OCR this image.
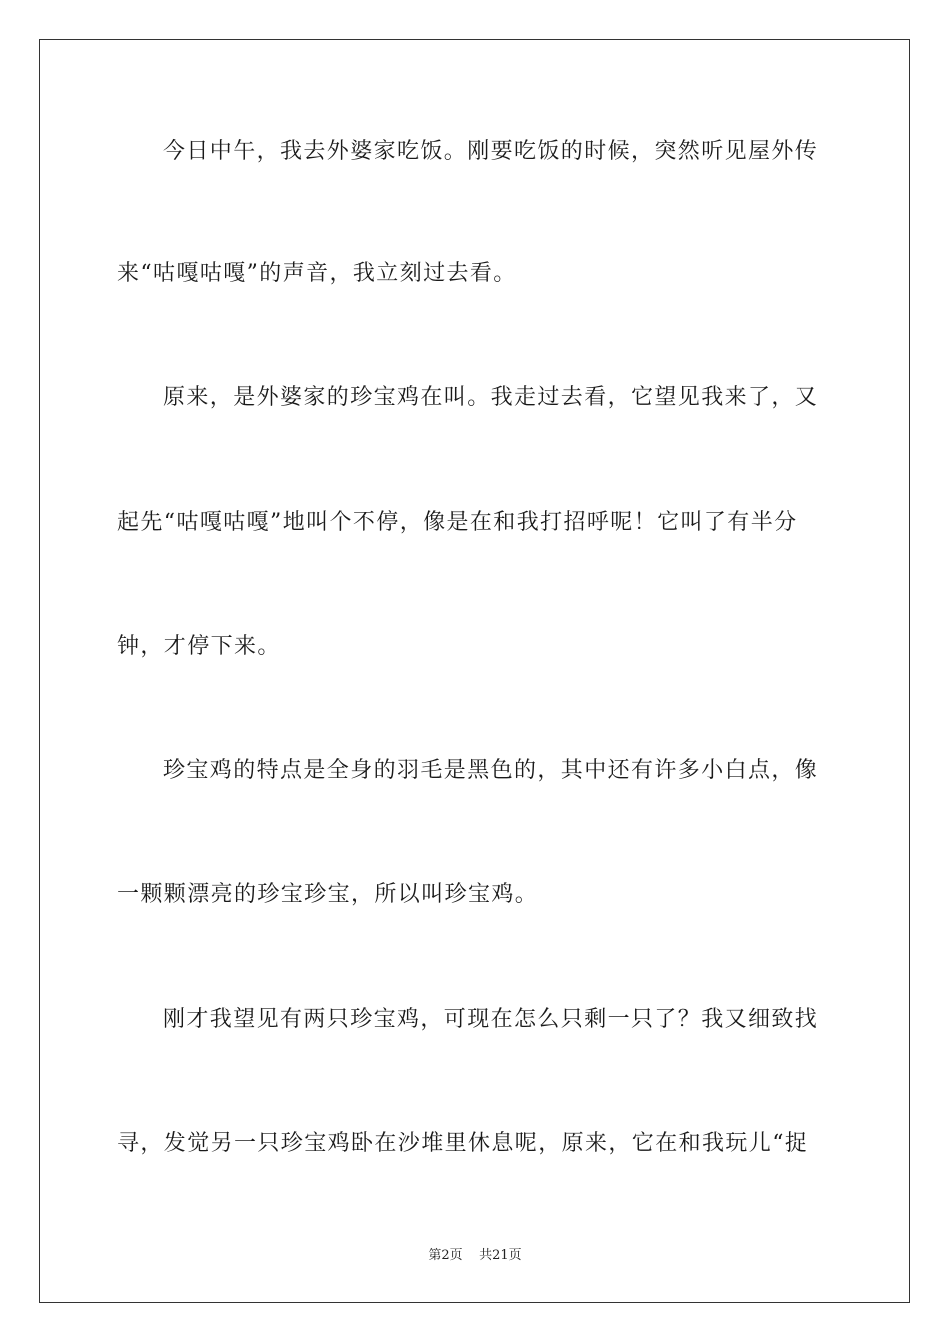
今日中午，我去外婆家吃饭。刚要吃饭的时候，突然听见屋外传
来“咕嘎咕嘎”的声音，我立刻过去看。
原来，是外婆家的珍宝鸡在叫。我走过去看，它望见我来了，又
起先“咕嘎咕嘎”地叫个不停，像是在和我打招呼呢！它叫了有半分
钟，才停下来。
珍宝鸡的特点是全身的羽毛是黑色的，其中还有许多小白点，像
一颗颗漂亮的珍宝珍宝，所以叫珍宝鸡。
刚才我望见有两只珍宝鸡，可现在怎么只剩一只了？我又细致找
寻，发觉另一只珍宝鸡卧在沙堆里休息呢，原来，它在和我玩儿“捉
第2页 共21页
